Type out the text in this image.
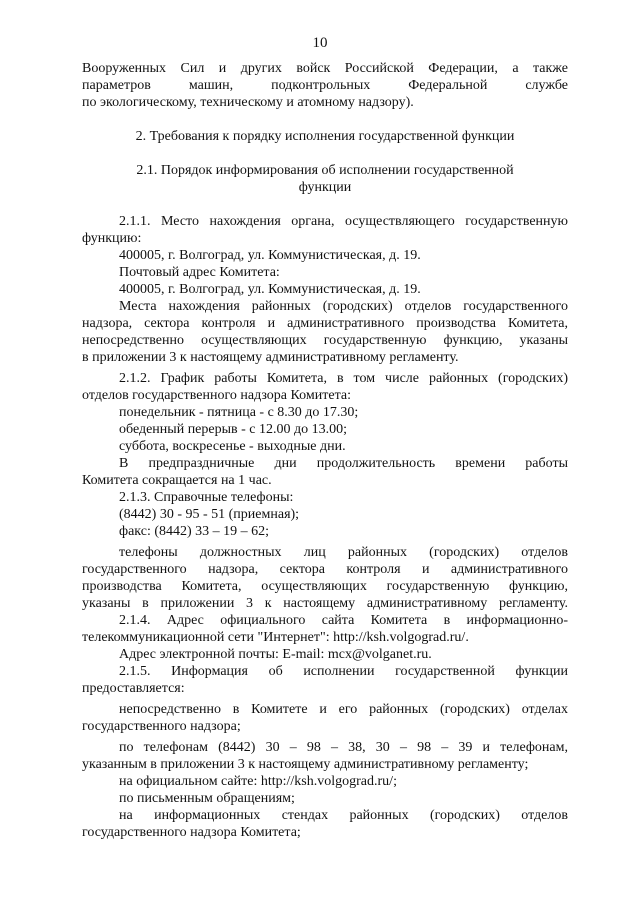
10
Вооруженных Сил и других войск Российской Федерации, а также
параметров машин, подконтрольных Федеральной службе
по экологическому, техническому и атомному надзору).
2. Требования к порядку исполнения государственной функции
2.1. Порядок информирования об исполнении государственной
функции
2.1.1. Место нахождения органа, осуществляющего государственную
функцию:
400005, г. Волгоград, ул. Коммунистическая, д. 19.
Почтовый адрес Комитета:
400005, г. Волгоград, ул. Коммунистическая, д. 19.
Места нахождения районных (городских) отделов государственного
надзора, сектора контроля и административного производства Комитета,
непосредственно осуществляющих государственную функцию, указаны
в приложении 3 к настоящему административному регламенту.
2.1.2. График работы Комитета, в том числе районных (городских)
отделов государственного надзора Комитета:
понедельник - пятница - с 8.30 до 17.30;
обеденный перерыв - с 12.00 до 13.00;
суббота, воскресенье - выходные дни.
В предпраздничные дни продолжительность времени работы
Комитета сокращается на 1 час.
2.1.3. Справочные телефоны:
(8442) 30 - 95 - 51 (приемная);
факс: (8442) 33 – 19 – 62;
телефоны должностных лиц районных (городских) отделов
государственного надзора, сектора контроля и административного
производства Комитета, осуществляющих государственную функцию,
указаны в приложении 3 к настоящему административному регламенту.
2.1.4. Адрес официального сайта Комитета в информационно-
телекоммуникационной сети "Интернет": http://ksh.volgograd.ru/.
Адрес электронной почты: E-mail: mcx@volganet.ru.
2.1.5. Информация об исполнении государственной функции
предоставляется:
непосредственно в Комитете и его районных (городских) отделах
государственного надзора;
по телефонам (8442) 30 – 98 – 38, 30 – 98 – 39 и телефонам,
указанным в приложении 3 к настоящему административному регламенту;
на официальном сайте: http://ksh.volgograd.ru/;
по письменным обращениям;
на информационных стендах районных (городских) отделов
государственного надзора Комитета;
